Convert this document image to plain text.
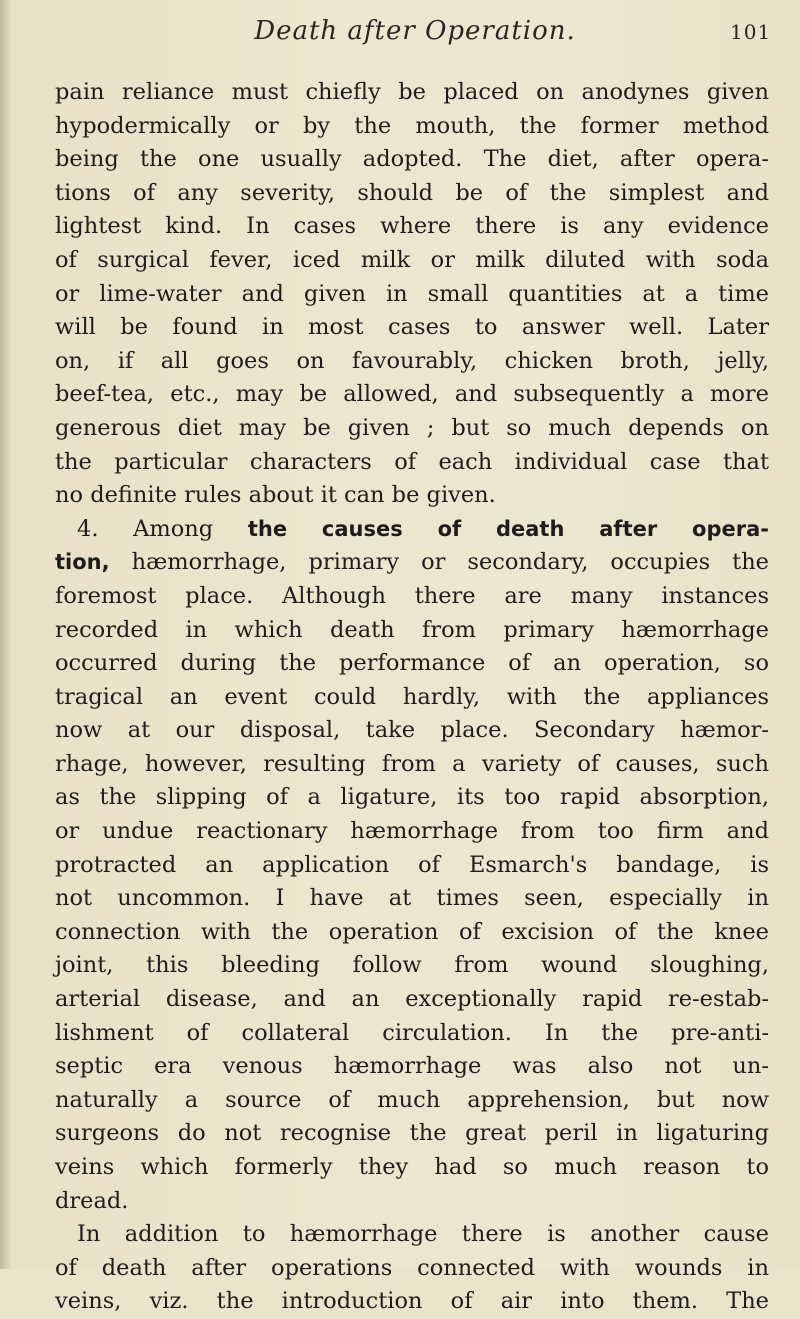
Death after Operation.	101
pain reliance must chiefly be placed on anodynes given
hypodermically or by the mouth, the former method
being the one usually adopted. The diet, after opera-
tions of any severity, should be of the simplest and
lightest kind. In cases where there is any evidence
of surgical fever, iced milk or milk diluted with soda
or lime-water and given in small quantities at a time
will be found in most cases to answer well. Later
on, if all goes on favourably, chicken broth, jelly,
beef-tea, etc., may be allowed, and subsequently a more
generous diet may be given ; but so much depends on
the particular characters of each individual case that
no definite rules about it can be given.
4. Among the causes of death after opera-
tion, hæmorrhage, primary or secondary, occupies the
foremost place. Although there are many instances
recorded in which death from primary hæmorrhage
occurred during the performance of an operation, so
tragical an event could hardly, with the appliances
now at our disposal, take place. Secondary hæmor-
rhage, however, resulting from a variety of causes, such
as the slipping of a ligature, its too rapid absorption,
or undue reactionary hæmorrhage from too firm and
protracted an application of Esmarch's bandage, is
not uncommon. I have at times seen, especially in
connection with the operation of excision of the knee
joint, this bleeding follow from wound sloughing,
arterial disease, and an exceptionally rapid re-estab-
lishment of collateral circulation. In the pre-anti-
septic era venous hæmorrhage was also not un-
naturally a source of much apprehension, but now
surgeons do not recognise the great peril in ligaturing
veins which formerly they had so much reason to
dread.
In addition to hæmorrhage there is another cause
of death after operations connected with wounds in
veins, viz. the introduction of air into them. The
